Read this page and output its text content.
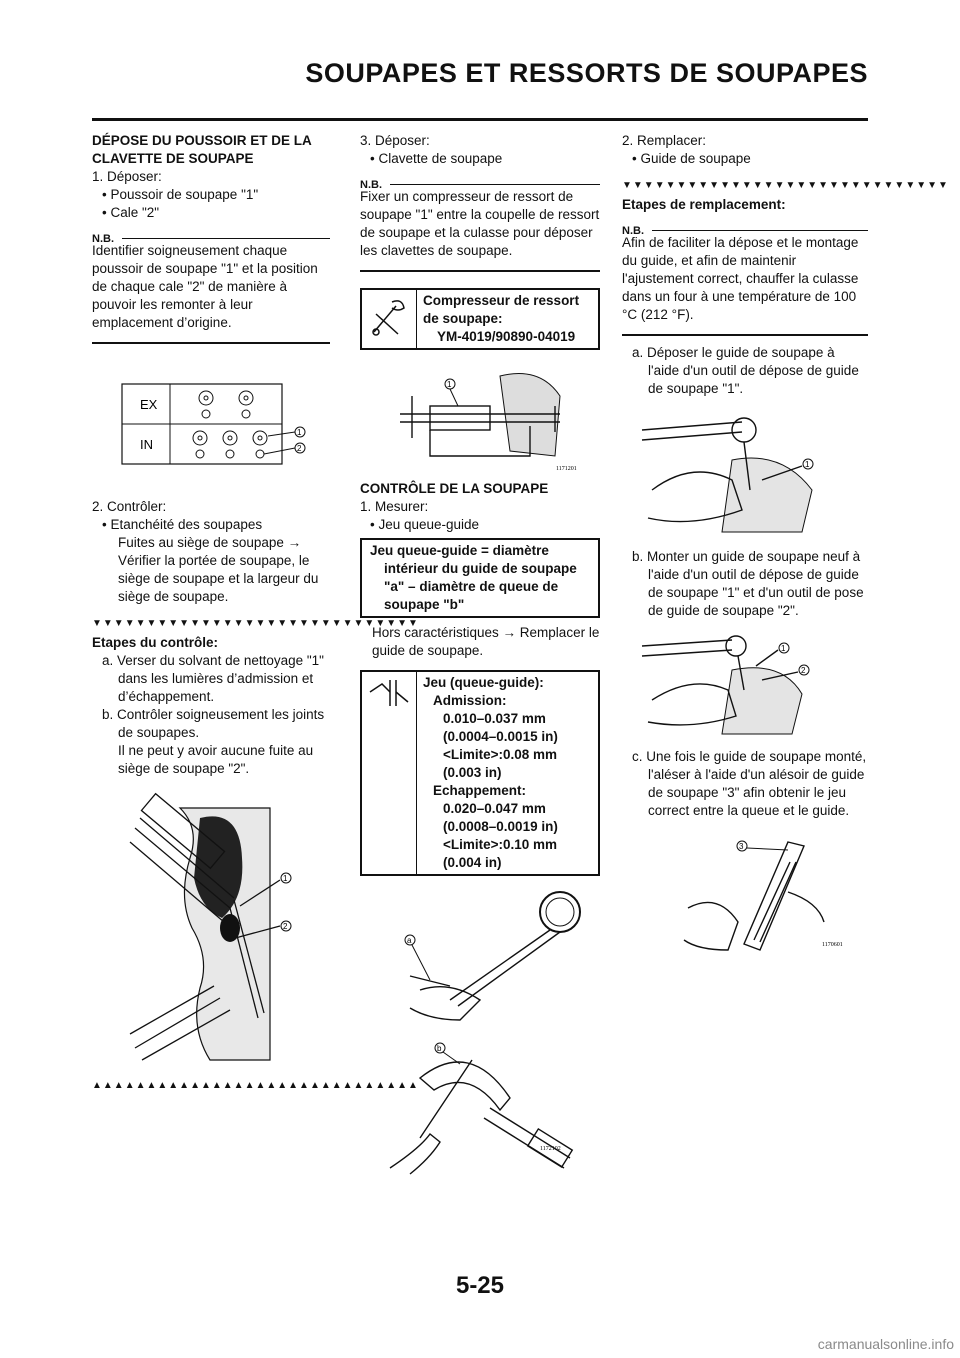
SOUPAPES ET RESSORTS DE SOUPAPES

DÉPOSE DU POUSSOIR ET DE LA

CLAVETTE DE SOUPAPE

1. Déposer:

• Poussoir de soupape "1"

• Cale "2"

N.B.

Identifier soigneusement chaque poussoir de soupape "1" et la position de chaque cale "2" de manière à pouvoir les remonter à leur emplacement d’origine.

EX
IN
1
2

2. Contrôler:

• Etanchéité des soupapes

Fuites au siège de soupape → Vérifier la portée de soupape, le siège de soupape et la largeur du siège de soupape.

▼▼▼▼▼▼▼▼▼▼▼▼▼▼▼▼▼▼▼▼▼▼▼▼▼▼▼▼▼▼

Etapes du contrôle:

a. Verser du solvant de nettoyage "1" dans les lumières d’admission et d’échappement.

b. Contrôler soigneusement les joints de soupapes.

Il ne peut y avoir aucune fuite au siège de soupape "2".

1
2
▲▲▲▲▲▲▲▲▲▲▲▲▲▲▲▲▲▲▲▲▲▲▲▲▲▲▲▲▲▲

3. Déposer:

• Clavette de soupape

N.B.

Fixer un compresseur de ressort de soupape "1" entre la coupelle de ressort de soupape et la culasse pour déposer les clavettes de soupape.

Compresseur de ressort
de soupape:
YM-4019/90890-04019
1
1171201

CONTRÔLE DE LA SOUPAPE

1. Mesurer:

• Jeu queue-guide

Jeu queue-guide = diamètre intérieur du guide de soupape "a" – diamètre de queue de soupape "b"

Hors caractéristiques → Remplacer le guide de soupape.

Jeu (queue-guide):
Admission:
0.010–0.037 mm
(0.0004–0.0015 in)
<Limite>:0.08 mm
(0.003 in)
Echappement:
0.020–0.047 mm
(0.0008–0.0019 in)
<Limite>:0.10 mm
(0.004 in)
a
b
1172102

2. Remplacer:

• Guide de soupape

▼▼▼▼▼▼▼▼▼▼▼▼▼▼▼▼▼▼▼▼▼▼▼▼▼▼▼▼▼▼

Etapes de remplacement:

N.B.

Afin de faciliter la dépose et le montage du guide, et afin de maintenir l'ajustement correct, chauffer la culasse dans un four à une température de 100 °C (212 °F).

a. Déposer le guide de soupape à l'aide d'un outil de dépose de guide de soupape "1".

1

b. Monter un guide de soupape neuf à l'aide d'un outil de dépose de guide de soupape "1" et d'un outil de pose de guide de soupape "2".

1
2

c. Une fois le guide de soupape monté, l'aléser à l'aide d'un alésoir de guide de soupape "3" afin obtenir le jeu correct entre la queue et le guide.

3
1170601
5-25
carmanualsonline.info
